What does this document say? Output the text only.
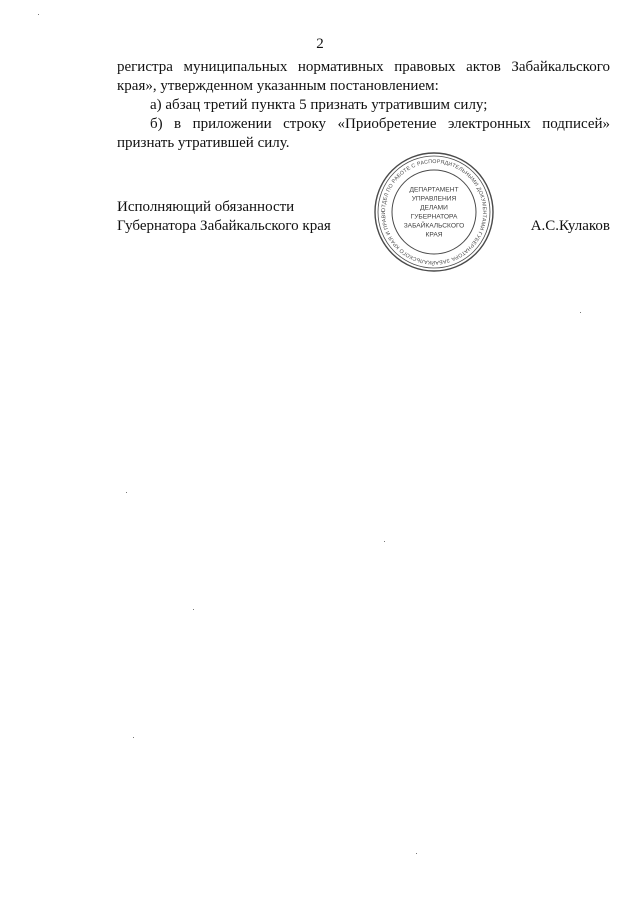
2

регистра муниципальных нормативных правовых актов Забайкальского

края», утвержденном указанным постановлением:

а) абзац третий пункта 5 признать утратившим силу;

б) в приложении строку «Приобретение электронных подписей»

признать утратившей силу.

ОТДЕЛ ПО РАБОТЕ С РАСПОРЯДИТЕЛЬНЫМИ ДОКУМЕНТАМИ ГУБЕРНАТОРА ЗАБАЙКАЛЬСКОГО КРАЯ И ПРАВИ
ДЕПАРТАМЕНТ
УПРАВЛЕНИЯ
ДЕЛАМИ
ГУБЕРНАТОРА
ЗАБАЙКАЛЬСКОГО
КРАЯ
Исполняющий обязанности
Губернатора Забайкальского края	А.С.Кулаков
